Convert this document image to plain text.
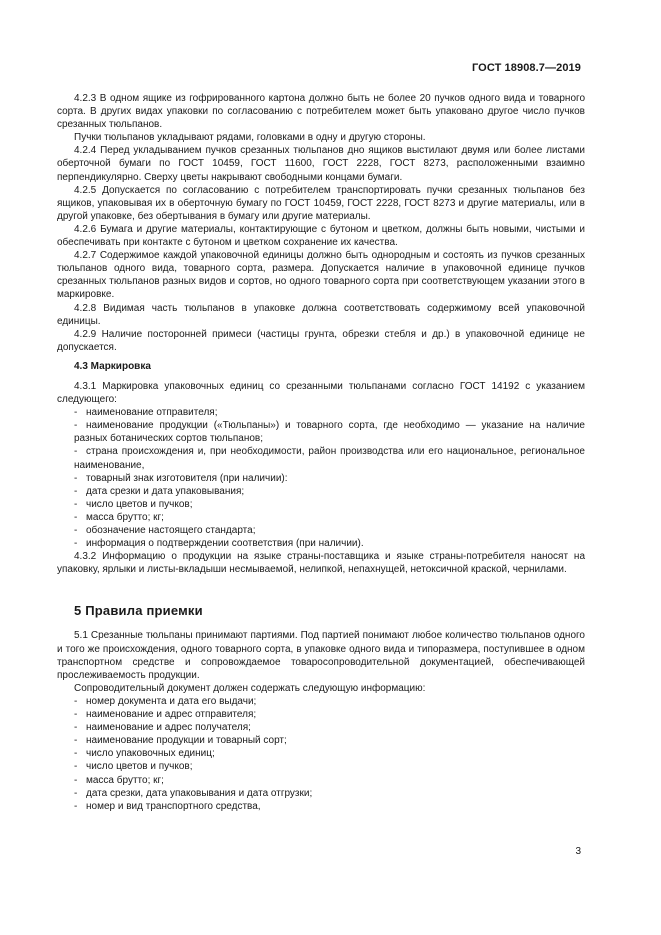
ГОСТ 18908.7—2019

4.2.3 В одном ящике из гофрированного картона должно быть не более 20 пучков одного вида и товарного сорта. В других видах упаковки по согласованию с потребителем может быть упаковано другое число пучков срезанных тюльпанов.

Пучки тюльпанов укладывают рядами, головками в одну и другую стороны.

4.2.4 Перед укладыванием пучков срезанных тюльпанов дно ящиков выстилают двумя или более листами оберточной бумаги по ГОСТ 10459, ГОСТ 11600, ГОСТ 2228, ГОСТ 8273, расположенными взаимно перпендикулярно. Сверху цветы накрывают свободными концами бумаги.

4.2.5 Допускается по согласованию с потребителем транспортировать пучки срезанных тюльпанов без ящиков, упаковывая их в оберточную бумагу по ГОСТ 10459, ГОСТ 2228, ГОСТ 8273 и другие материалы, или в другой упаковке, без обертывания в бумагу или другие материалы.

4.2.6 Бумага и другие материалы, контактирующие с бутоном и цветком, должны быть новыми, чистыми и обеспечивать при контакте с бутоном и цветком сохранение их качества.

4.2.7 Содержимое каждой упаковочной единицы должно быть однородным и состоять из пучков срезанных тюльпанов одного вида, товарного сорта, размера. Допускается наличие в упаковочной единице пучков срезанных тюльпанов разных видов и сортов, но одного товарного сорта при соответствующем указании этого в маркировке.

4.2.8 Видимая часть тюльпанов в упаковке должна соответствовать содержимому всей упаковочной единицы.

4.2.9 Наличие посторонней примеси (частицы грунта, обрезки стебля и др.) в упаковочной единице не допускается.

4.3 Маркировка

4.3.1 Маркировка упаковочных единиц со срезанными тюльпанами согласно ГОСТ 14192 с указанием следующего:

- наименование отправителя;

- наименование продукции («Тюльпаны») и товарного сорта, где необходимо — указание на наличие разных ботанических сортов тюльпанов;

- страна происхождения и, при необходимости, район производства или его национальное, региональное наименование,

- товарный знак изготовителя (при наличии):

- дата срезки и дата упаковывания;

- число цветов и пучков;

- масса брутто; кг;

- обозначение настоящего стандарта;

- информация о подтверждении соответствия (при наличии).

4.3.2 Информацию о продукции на языке страны-поставщика и языке страны-потребителя наносят на упаковку, ярлыки и листы-вкладыши несмываемой, нелипкой, непахнущей, нетоксичной краской, чернилами.

5 Правила приемки

5.1 Срезанные тюльпаны принимают партиями. Под партией понимают любое количество тюльпанов одного и того же происхождения, одного товарного сорта, в упаковке одного вида и типоразмера, поступившее в одном транспортном средстве и сопровождаемое товаросопроводительной документацией, обеспечивающей прослеживаемость продукции.

Сопроводительный документ должен содержать следующую информацию:

- номер документа и дата его выдачи;

- наименование и адрес отправителя;

- наименование и адрес получателя;

- наименование продукции и товарный сорт;

- число упаковочных единиц;

- число цветов и пучков;

- масса брутто; кг;

- дата срезки, дата упаковывания и дата отгрузки;

- номер и вид транспортного средства,

3
